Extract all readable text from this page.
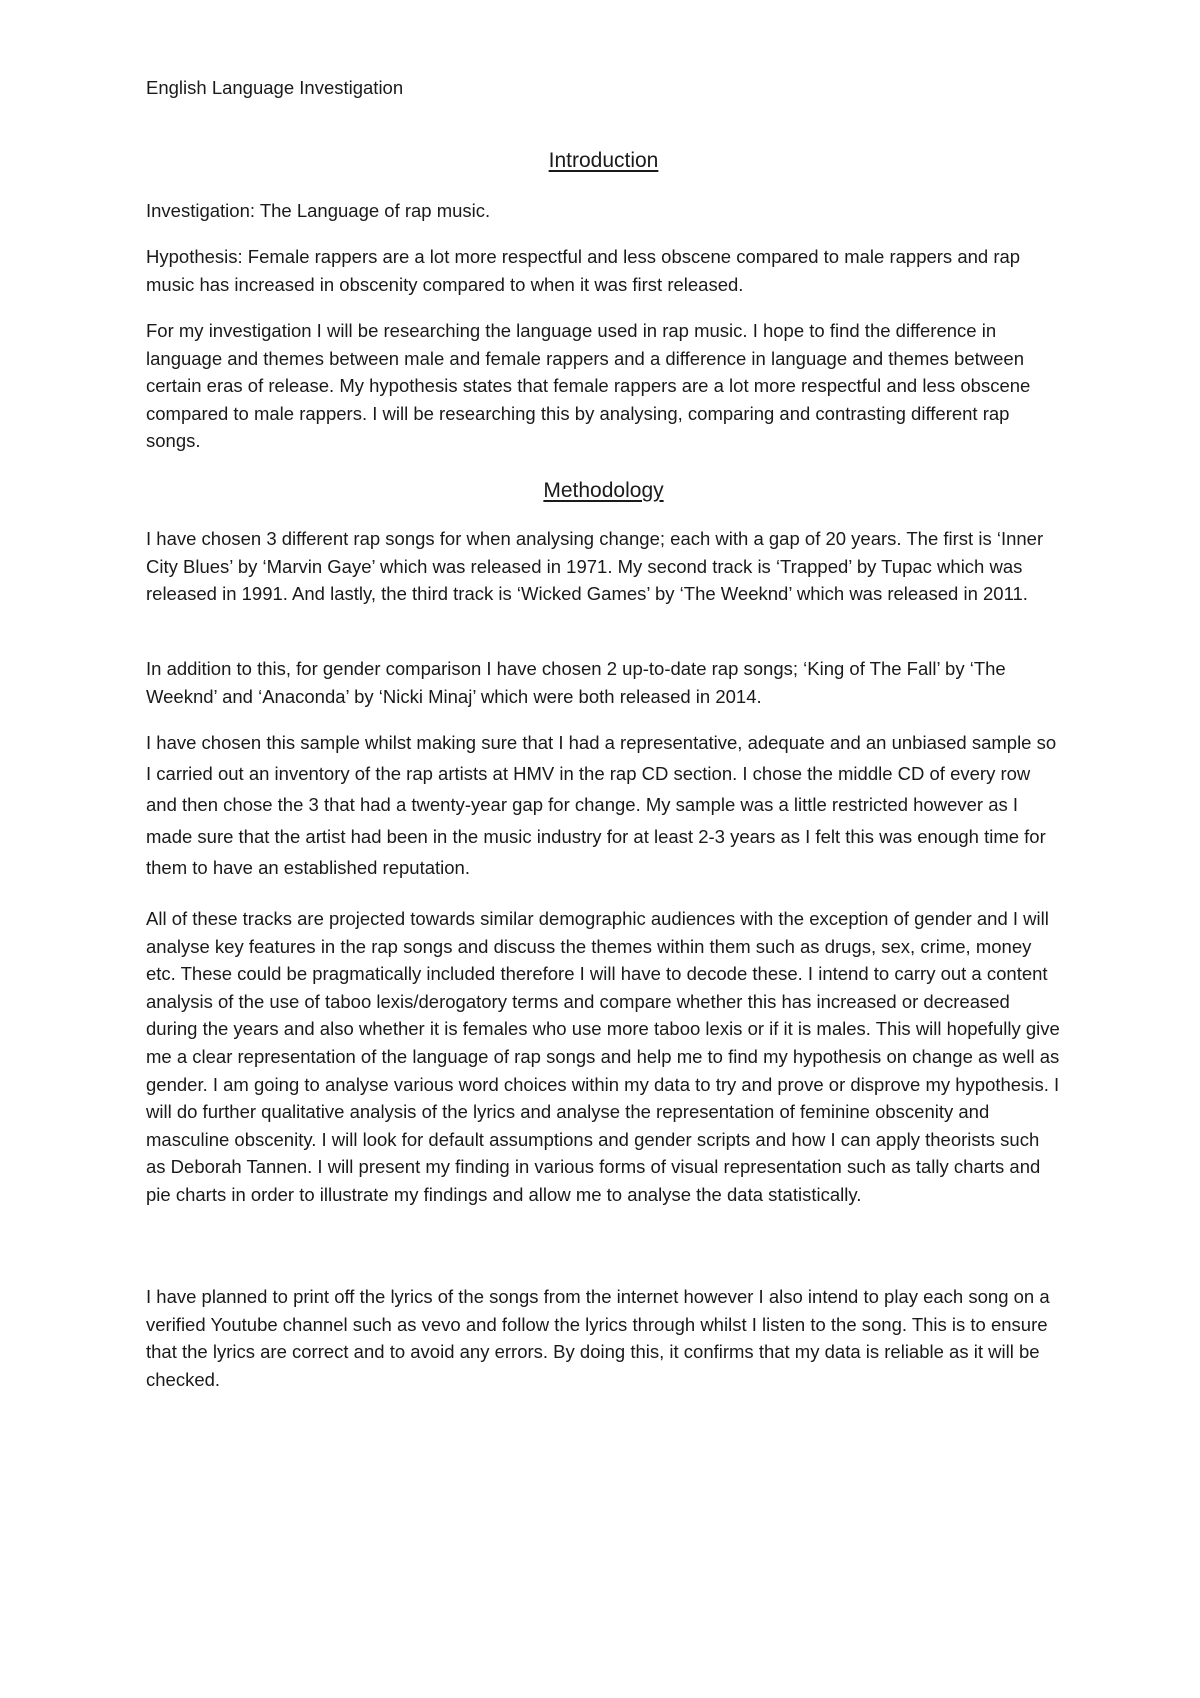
English Language Investigation
Introduction

Investigation: The Language of rap music.

Hypothesis: Female rappers are a lot more respectful and less obscene compared to male rappers and rap music has increased in obscenity compared to when it was first released.

For my investigation I will be researching the language used in rap music. I hope to find the difference in language and themes between male and female rappers and a difference in language and themes between certain eras of release. My hypothesis states that female rappers are a lot more respectful and less obscene compared to male rappers. I will be researching this by analysing, comparing and contrasting different rap songs.

Methodology

I have chosen 3 different rap songs for when analysing change; each with a gap of 20 years. The first is ‘Inner City Blues’ by ‘Marvin Gaye’ which was released in 1971. My second track is ‘Trapped’ by Tupac which was released in 1991. And lastly, the third track is ‘Wicked Games’ by ‘The Weeknd’ which was released in 2011.

In addition to this, for gender comparison I have chosen 2 up-to-date rap songs; ‘King of The Fall’ by ‘The Weeknd’ and ‘Anaconda’ by ‘Nicki Minaj’ which were both released in 2014.

I have chosen this sample whilst making sure that I had a representative, adequate and an unbiased sample so I carried out an inventory of the rap artists at HMV in the rap CD section. I chose the middle CD of every row and then chose the 3 that had a twenty-year gap for change. My sample was a little restricted however as I made sure that the artist had been in the music industry for at least 2-3 years as I felt this was enough time for them to have an established reputation.

All of these tracks are projected towards similar demographic audiences with the exception of gender and I will analyse key features in the rap songs and discuss the themes within them such as drugs, sex, crime, money etc. These could be pragmatically included therefore I will have to decode these. I intend to carry out a content analysis of the use of taboo lexis/derogatory terms and compare whether this has increased or decreased during the years and also whether it is females who use more taboo lexis or if it is males. This will hopefully give me a clear representation of the language of rap songs and help me to find my hypothesis on change as well as gender. I am going to analyse various word choices within my data to try and prove or disprove my hypothesis. I will do further qualitative analysis of the lyrics and analyse the representation of feminine obscenity and masculine obscenity. I will look for default assumptions and gender scripts and how I can apply theorists such as Deborah Tannen. I will present my finding in various forms of visual representation such as tally charts and pie charts in order to illustrate my findings and allow me to analyse the data statistically.

I have planned to print off the lyrics of the songs from the internet however I also intend to play each song on a verified Youtube channel such as vevo and follow the lyrics through whilst I listen to the song. This is to ensure that the lyrics are correct and to avoid any errors. By doing this, it confirms that my data is reliable as it will be checked.
